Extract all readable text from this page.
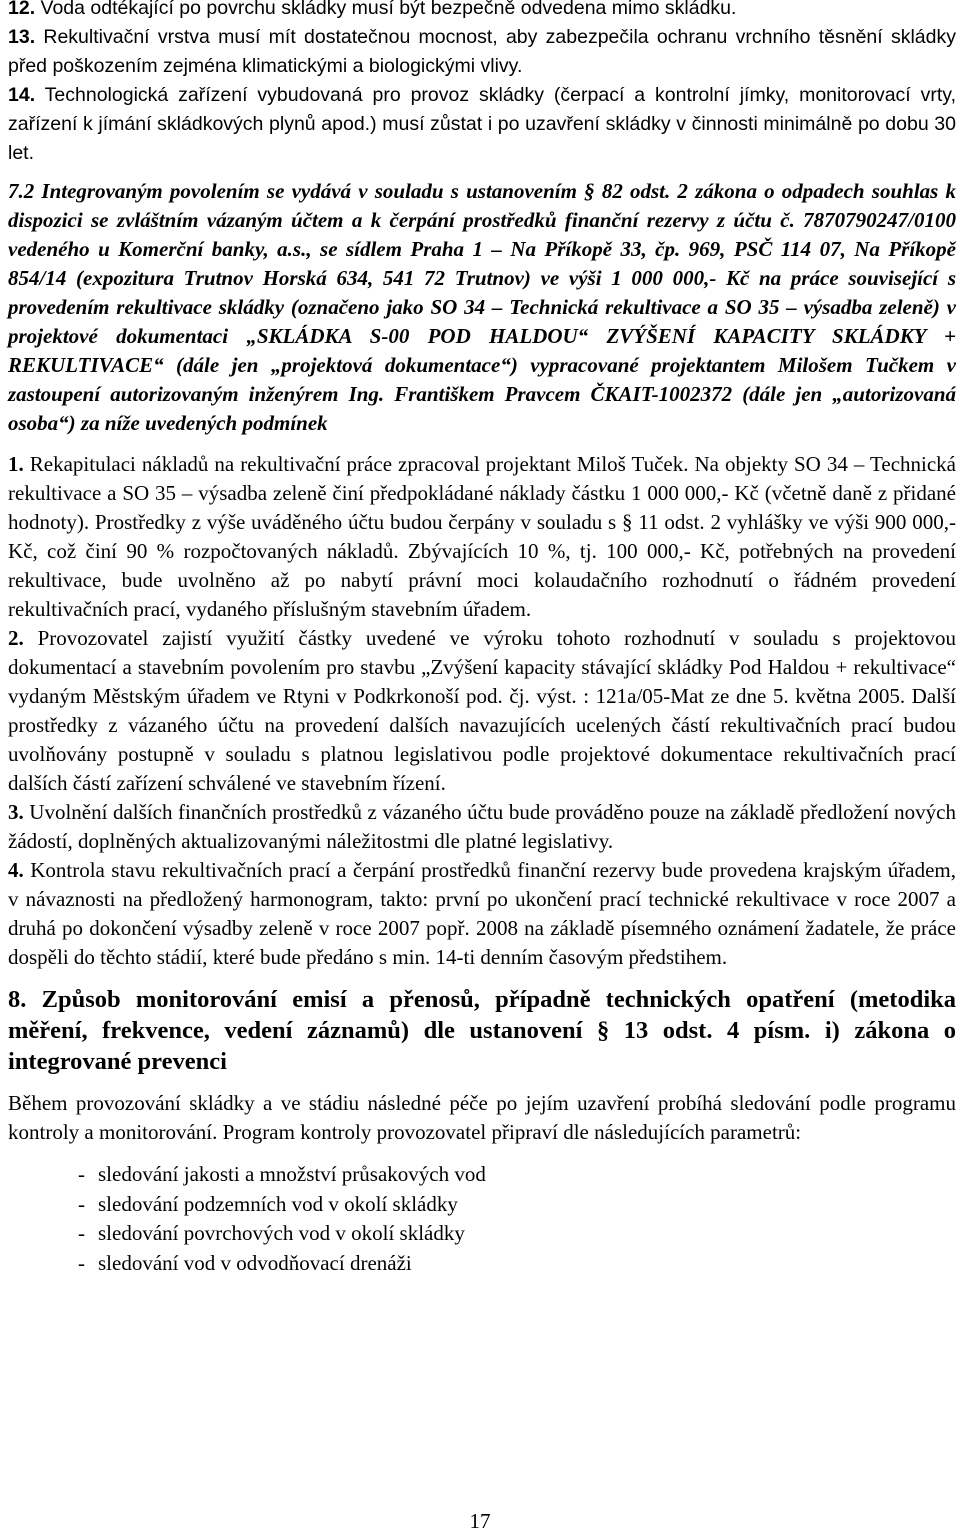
12. Voda odtékající po povrchu skládky musí být bezpečně odvedena mimo skládku.

13. Rekultivační vrstva musí mít dostatečnou mocnost, aby zabezpečila ochranu vrchního těsnění skládky před poškozením zejména klimatickými a biologickými vlivy.

14. Technologická zařízení vybudovaná pro provoz skládky (čerpací a kontrolní jímky, monitorovací vrty, zařízení k jímání skládkových plynů apod.) musí zůstat i po uzavření skládky v činnosti minimálně po dobu 30 let.

7.2 Integrovaným povolením se vydává v souladu s ustanovením § 82 odst. 2 zákona o odpadech souhlas k dispozici se zvláštním vázaným účtem a k čerpání prostředků finanční rezervy z účtu č. 7870790247/0100 vedeného u Komerční banky, a.s., se sídlem Praha 1 – Na Příkopě 33, čp. 969, PSČ 114 07, Na Příkopě 854/14 (expozitura Trutnov Horská 634, 541 72 Trutnov) ve výši 1 000 000,- Kč na práce související s provedením rekultivace skládky (označeno jako SO 34 – Technická rekultivace a SO 35 – výsadba zeleně) v projektové dokumentaci „SKLÁDKA S-00 POD HALDOU“ ZVÝŠENÍ KAPACITY SKLÁDKY + REKULTIVACE“ (dále jen „projektová dokumentace“) vypracované projektantem Milošem Tučkem v zastoupení autorizovaným inženýrem Ing. Františkem Pravcem ČKAIT-1002372 (dále jen „autorizovaná osoba“) za níže uvedených podmínek

1. Rekapitulaci nákladů na rekultivační práce zpracoval projektant Miloš Tuček. Na objekty SO 34 – Technická rekultivace a SO 35 – výsadba zeleně činí předpokládané náklady částku 1 000 000,- Kč (včetně daně z přidané hodnoty). Prostředky z výše uváděného účtu budou čerpány v souladu s § 11 odst. 2 vyhlášky ve výši 900 000,- Kč, což činí 90 % rozpočtovaných nákladů. Zbývajících 10 %, tj. 100 000,- Kč, potřebných na provedení rekultivace, bude uvolněno až po nabytí právní moci kolaudačního rozhodnutí o řádném provedení rekultivačních prací, vydaného příslušným stavebním úřadem.

2. Provozovatel zajistí využití částky uvedené ve výroku tohoto rozhodnutí v souladu s projektovou dokumentací a stavebním povolením pro stavbu „Zvýšení kapacity stávající skládky Pod Haldou + rekultivace“ vydaným Městským úřadem ve Rtyni v Podkrkonoší pod. čj. výst. : 121a/05-Mat ze dne 5. května 2005. Další prostředky z vázaného účtu na provedení dalších navazujících ucelených částí rekultivačních prací budou uvolňovány postupně v souladu s platnou legislativou podle projektové dokumentace rekultivačních prací dalších částí zařízení schválené ve stavebním řízení.

3. Uvolnění dalších finančních prostředků z vázaného účtu bude prováděno pouze na základě předložení nových žádostí, doplněných aktualizovanými náležitostmi dle platné legislativy.

4. Kontrola stavu rekultivačních prací a čerpání prostředků finanční rezervy bude provedena krajským úřadem, v návaznosti na předložený harmonogram, takto: první po ukončení prací technické rekultivace v roce 2007 a druhá po dokončení výsadby zeleně v roce 2007 popř. 2008 na základě písemného oznámení žadatele, že práce dospěli do těchto stádií, které bude předáno s min. 14-ti denním časovým předstihem.

8. Způsob monitorování emisí a přenosů, případně technických opatření (metodika měření, frekvence, vedení záznamů) dle ustanovení § 13 odst. 4 písm. i) zákona o integrované prevenci

Během provozování skládky a ve stádiu následné péče po jejím uzavření probíhá sledování podle programu kontroly a monitorování. Program kontroly provozovatel připraví dle následujících parametrů:

- sledování jakosti a množství průsakových vod
- sledování podzemních vod v okolí skládky
- sledování povrchových vod v okolí skládky
- sledování vod v odvodňovací drenáži
17
